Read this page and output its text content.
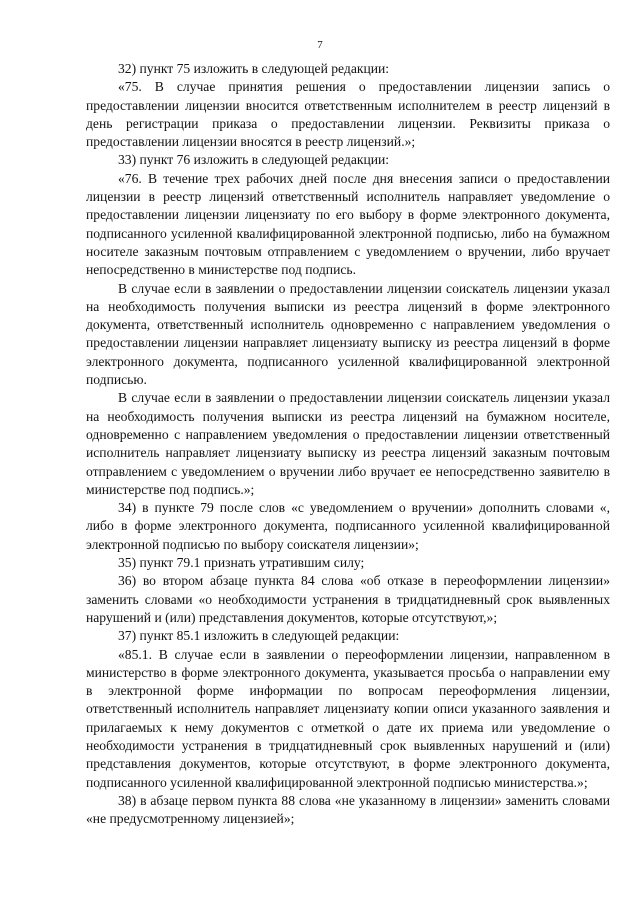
7

32) пункт 75 изложить в следующей редакции:

«75. В случае принятия решения о предоставлении лицензии запись о предоставлении лицензии вносится ответственным исполнителем в реестр лицензий в день регистрации приказа о предоставлении лицензии. Реквизиты приказа о предоставлении лицензии вносятся в реестр лицензий.»;

33) пункт 76 изложить в следующей редакции:

«76. В течение трех рабочих дней после дня внесения записи о предоставлении лицензии в реестр лицензий ответственный исполнитель направляет уведомление о предоставлении лицензии лицензиату по его выбору в форме электронного документа, подписанного усиленной квалифицированной электронной подписью, либо на бумажном носителе заказным почтовым отправлением с уведомлением о вручении, либо вручает непосредственно в министерстве под подпись.

В случае если в заявлении о предоставлении лицензии соискатель лицензии указал на необходимость получения выписки из реестра лицензий в форме электронного документа, ответственный исполнитель одновременно с направлением уведомления о предоставлении лицензии направляет лицензиату выписку из реестра лицензий в форме электронного документа, подписанного усиленной квалифицированной электронной подписью.

В случае если в заявлении о предоставлении лицензии соискатель лицензии указал на необходимость получения выписки из реестра лицензий на бумажном носителе, одновременно с направлением уведомления о предоставлении лицензии ответственный исполнитель направляет лицензиату выписку из реестра лицензий заказным почтовым отправлением с уведомлением о вручении либо вручает ее непосредственно заявителю в министерстве под подпись.»;

34) в пункте 79 после слов «с уведомлением о вручении» дополнить словами «, либо в форме электронного документа, подписанного усиленной квалифицированной электронной подписью по выбору соискателя лицензии»;

35) пункт 79.1 признать утратившим силу;

36) во втором абзаце пункта 84 слова «об отказе в переоформлении лицензии» заменить словами «о необходимости устранения в тридцатидневный срок выявленных нарушений и (или) представления документов, которые отсутствуют,»;

37) пункт 85.1 изложить в следующей редакции:

«85.1. В случае если в заявлении о переоформлении лицензии, направленном в министерство в форме электронного документа, указывается просьба о направлении ему в электронной форме информации по вопросам переоформления лицензии, ответственный исполнитель направляет лицензиату копии описи указанного заявления и прилагаемых к нему документов с отметкой о дате их приема или уведомление о необходимости устранения в тридцатидневный срок выявленных нарушений и (или) представления документов, которые отсутствуют, в форме электронного документа, подписанного усиленной квалифицированной электронной подписью министерства.»;

38) в абзаце первом пункта 88 слова «не указанному в лицензии» заменить словами «не предусмотренному лицензией»;
